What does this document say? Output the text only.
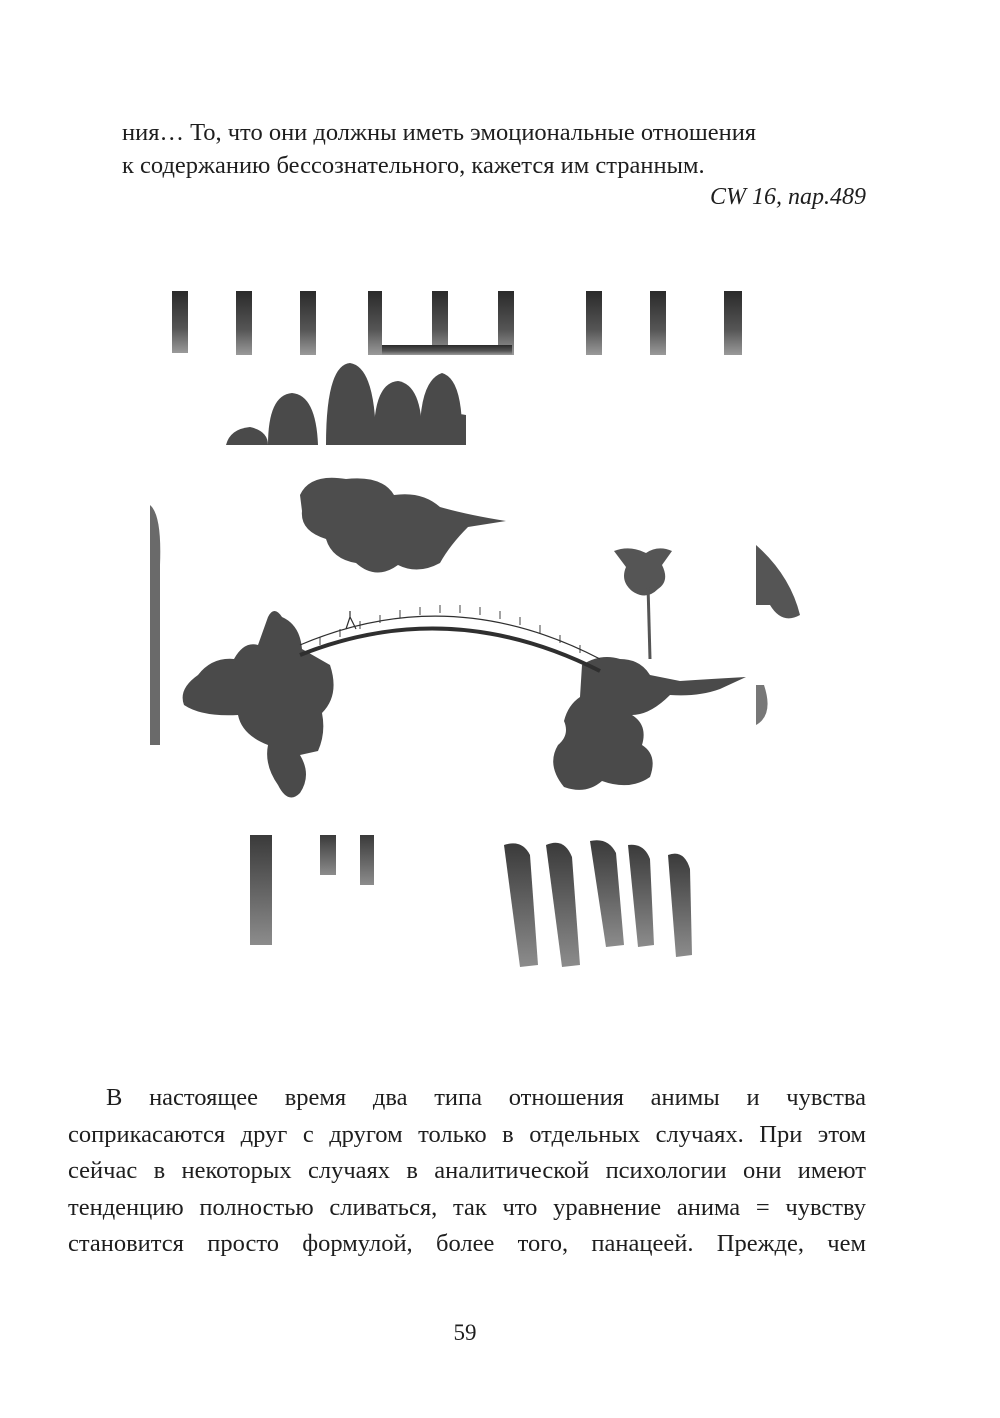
ния… То, что они должны иметь эмоциональные отношения
к содержанию бессознательного, кажется им странным.
CW 16, пар.489
В настоящее время два типа отношения анимы и чувства
соприкасаются друг с другом только в отдельных случаях. При этом
сейчас в некоторых случаях в аналитической психологии они имеют
тенденцию полностью сливаться, так что уравнение анима = чувству
становится просто формулой, более того, панацеей. Прежде, чем
59
